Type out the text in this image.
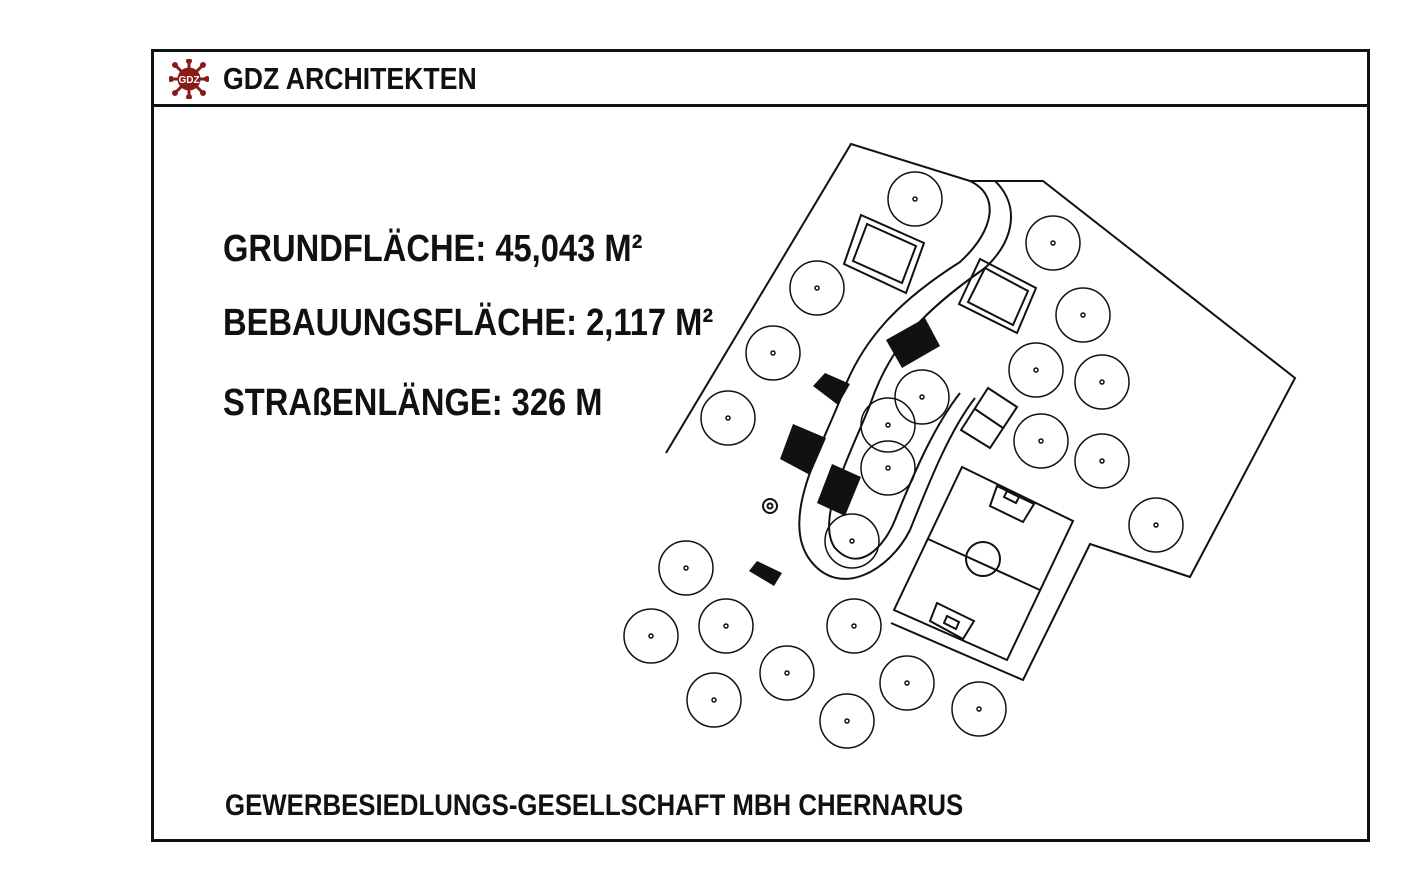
GDZ GDZ ARCHITEKTEN
GRUNDFLÄCHE : 45,043 M²
BEBAUUNGSFLÄCHE : 2,117 M²
STRAßENLÄNGE : 326 M
GEWERBESIEDLUNGS-GESELLSCHAFT MBH CHERNARUS
